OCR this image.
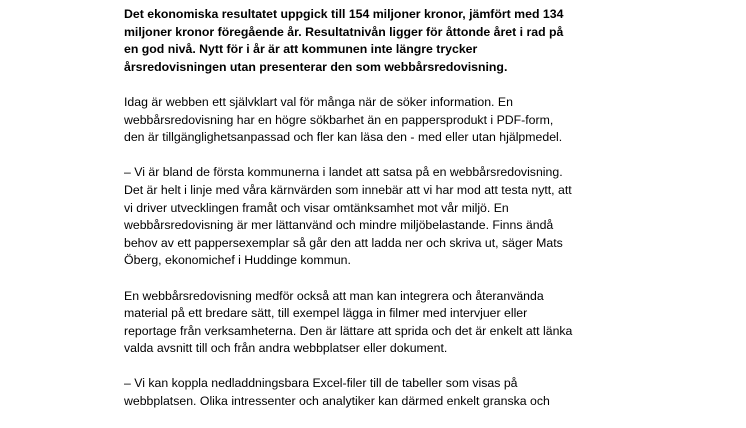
Det ekonomiska resultatet uppgick till 154 miljoner kronor, jämfört med 134
miljoner kronor föregående år. Resultatnivån ligger för åttonde året i rad på
en god nivå. Nytt för i år är att kommunen inte längre trycker
årsredovisningen utan presenterar den som webbårsredovisning.

Idag är webben ett självklart val för många när de söker information. En
webbårsredovisning har en högre sökbarhet än en pappersprodukt i PDF-form,
den är tillgänglighetsanpassad och fler kan läsa den - med eller utan hjälpmedel.

– Vi är bland de första kommunerna i landet att satsa på en webbårsredovisning.
Det är helt i linje med våra kärnvärden som innebär att vi har mod att testa nytt, att
vi driver utvecklingen framåt och visar omtänksamhet mot vår miljö. En
webbårsredovisning är mer lättanvänd och mindre miljöbelastande. Finns ändå
behov av ett pappersexemplar så går den att ladda ner och skriva ut, säger Mats
Öberg, ekonomichef i Huddinge kommun.

En webbårsredovisning medför också att man kan integrera och återanvända
material på ett bredare sätt, till exempel lägga in filmer med intervjuer eller
reportage från verksamheterna. Den är lättare att sprida och det är enkelt att länka
valda avsnitt till och från andra webbplatser eller dokument.

– Vi kan koppla nedladdningsbara Excel-filer till de tabeller som visas på
webbplatsen. Olika intressenter och analytiker kan därmed enkelt granska och
